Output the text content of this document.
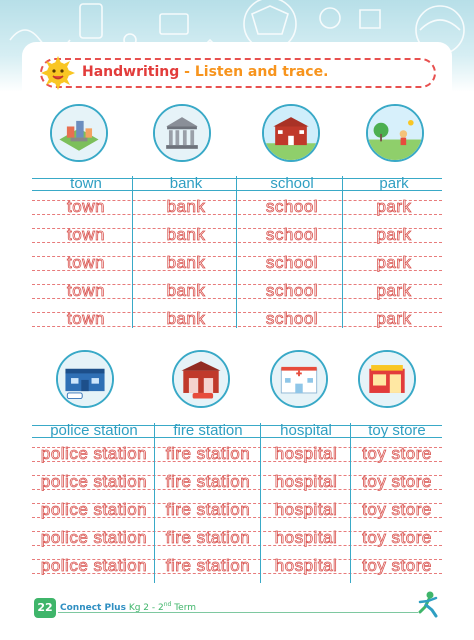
Handwriting - Listen and trace.
town	bank	school	park
town	bank	school	park
town	bank	school	park
town	bank	school	park
town	bank	school	park
town	bank	school	park
police station	fire station	hospital	toy store
police station	fire station	hospital	toy store
police station	fire station	hospital	toy store
police station	fire station	hospital	toy store
police station	fire station	hospital	toy store
police station	fire station	hospital	toy store
22 Connect Plus Kg 2 - 2nd Term
